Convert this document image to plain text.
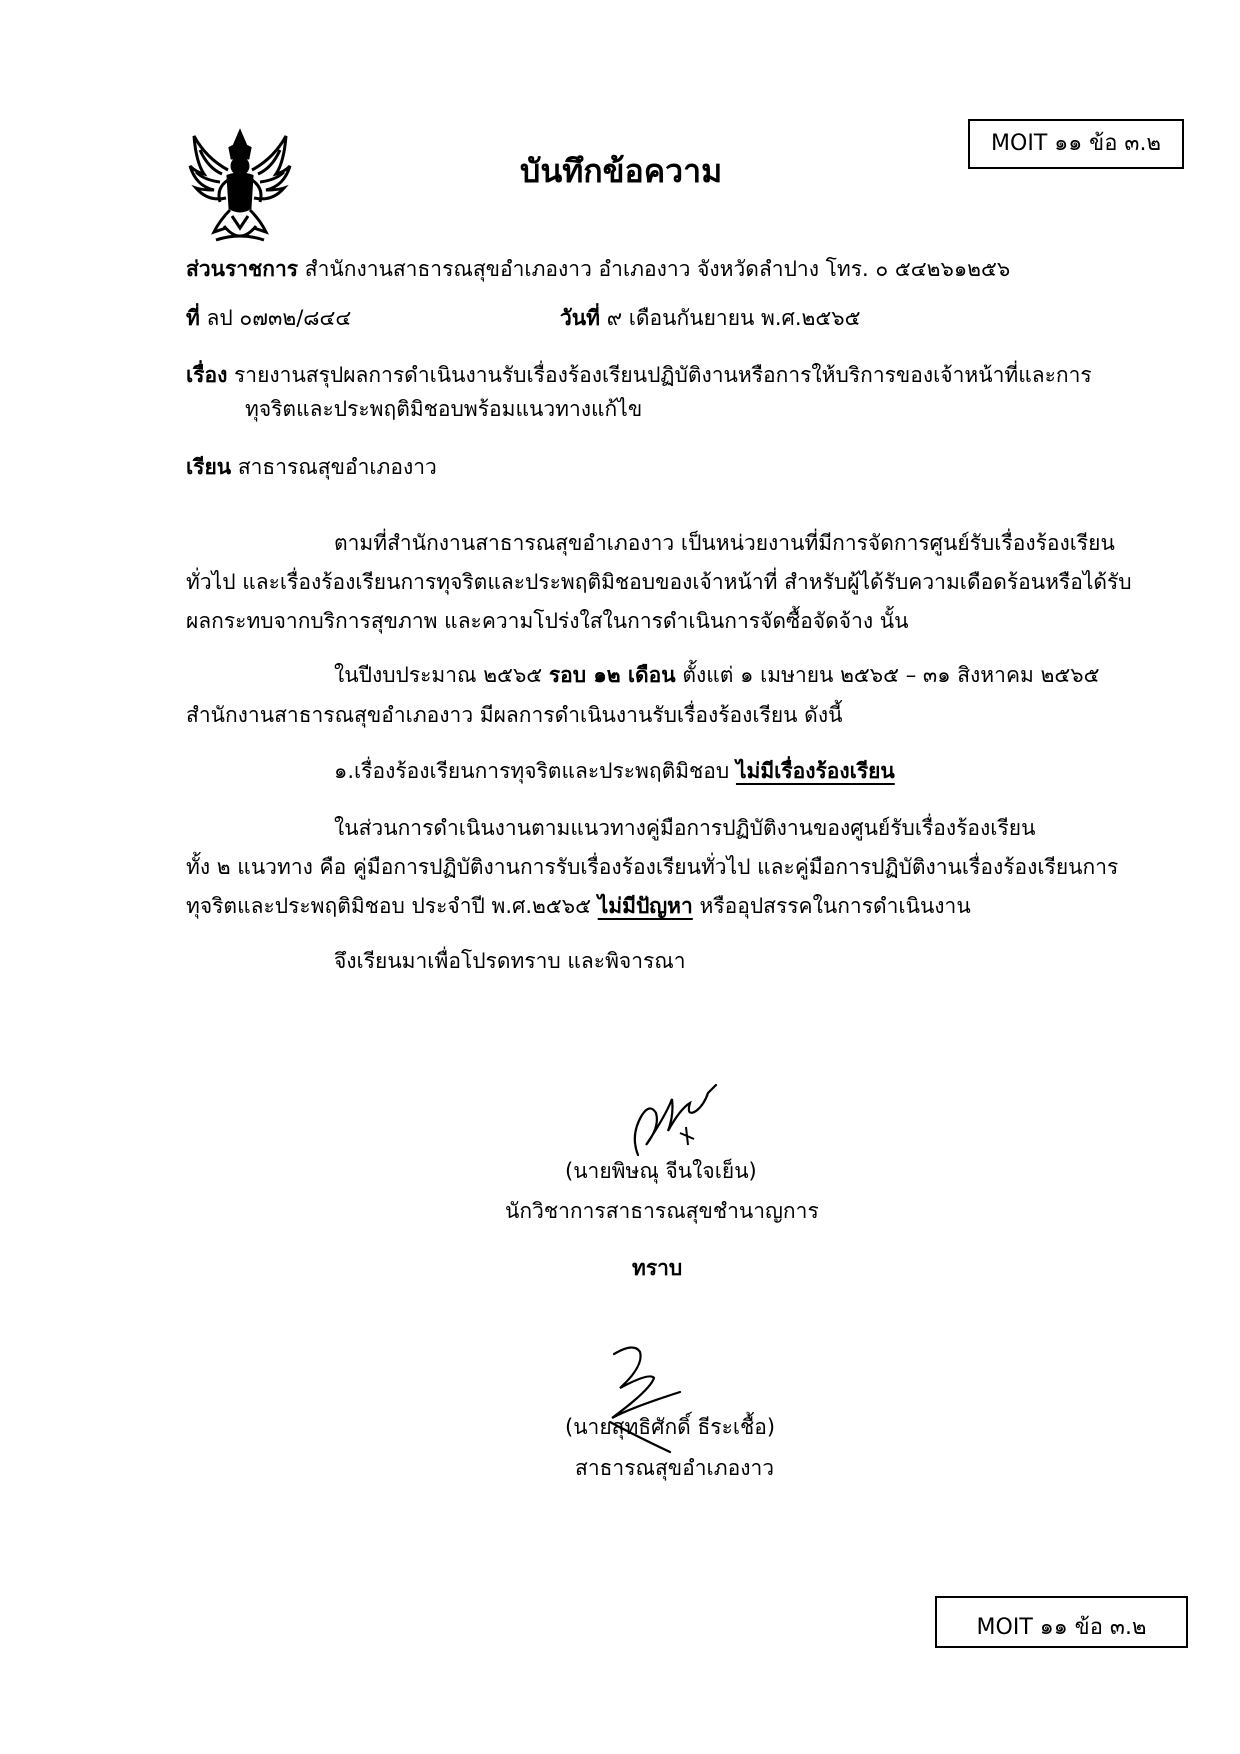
MOIT ๑๑ ข้อ ๓.๒
บันทึกข้อความ
ส่วนราชการ สำนักงานสาธารณสุขอำเภองาว อำเภองาว จังหวัดลำปาง โทร. ๐ ๕๔๒๖๑๒๕๖
ที่ ลป ๐๗๓๒/๘๔๔	วันที่ ๙ เดือนกันยายน พ.ศ.๒๕๖๕
เรื่อง รายงานสรุปผลการดำเนินงานรับเรื่องร้องเรียนปฏิบัติงานหรือการให้บริการของเจ้าหน้าที่และการ
ทุจริตและประพฤติมิชอบพร้อมแนวทางแก้ไข
เรียน สาธารณสุขอำเภองาว
ตามที่สำนักงานสาธารณสุขอำเภองาว เป็นหน่วยงานที่มีการจัดการศูนย์รับเรื่องร้องเรียน
ทั่วไป และเรื่องร้องเรียนการทุจริตและประพฤติมิชอบของเจ้าหน้าที่ สำหรับผู้ได้รับความเดือดร้อนหรือได้รับ
ผลกระทบจากบริการสุขภาพ และความโปร่งใสในการดำเนินการจัดซื้อจัดจ้าง นั้น
ในปีงบประมาณ ๒๕๖๕ รอบ ๑๒ เดือน ตั้งแต่ ๑ เมษายน ๒๕๖๕ – ๓๑ สิงหาคม ๒๕๖๕
สำนักงานสาธารณสุขอำเภองาว มีผลการดำเนินงานรับเรื่องร้องเรียน ดังนี้
๑.เรื่องร้องเรียนการทุจริตและประพฤติมิชอบ ไม่มีเรื่องร้องเรียน
ในส่วนการดำเนินงานตามแนวทางคู่มือการปฏิบัติงานของศูนย์รับเรื่องร้องเรียน
ทั้ง ๒ แนวทาง คือ คู่มือการปฏิบัติงานการรับเรื่องร้องเรียนทั่วไป และคู่มือการปฏิบัติงานเรื่องร้องเรียนการ
ทุจริตและประพฤติมิชอบ ประจำปี พ.ศ.๒๕๖๕ ไม่มีปัญหา หรืออุปสรรคในการดำเนินงาน
จึงเรียนมาเพื่อโปรดทราบ และพิจารณา
(นายพิษณุ จีนใจเย็น)
นักวิชาการสาธารณสุขชำนาญการ
ทราบ
(นายสุทธิศักดิ์ ธีระเชื้อ)
สาธารณสุขอำเภองาว
MOIT ๑๑ ข้อ ๓.๒
